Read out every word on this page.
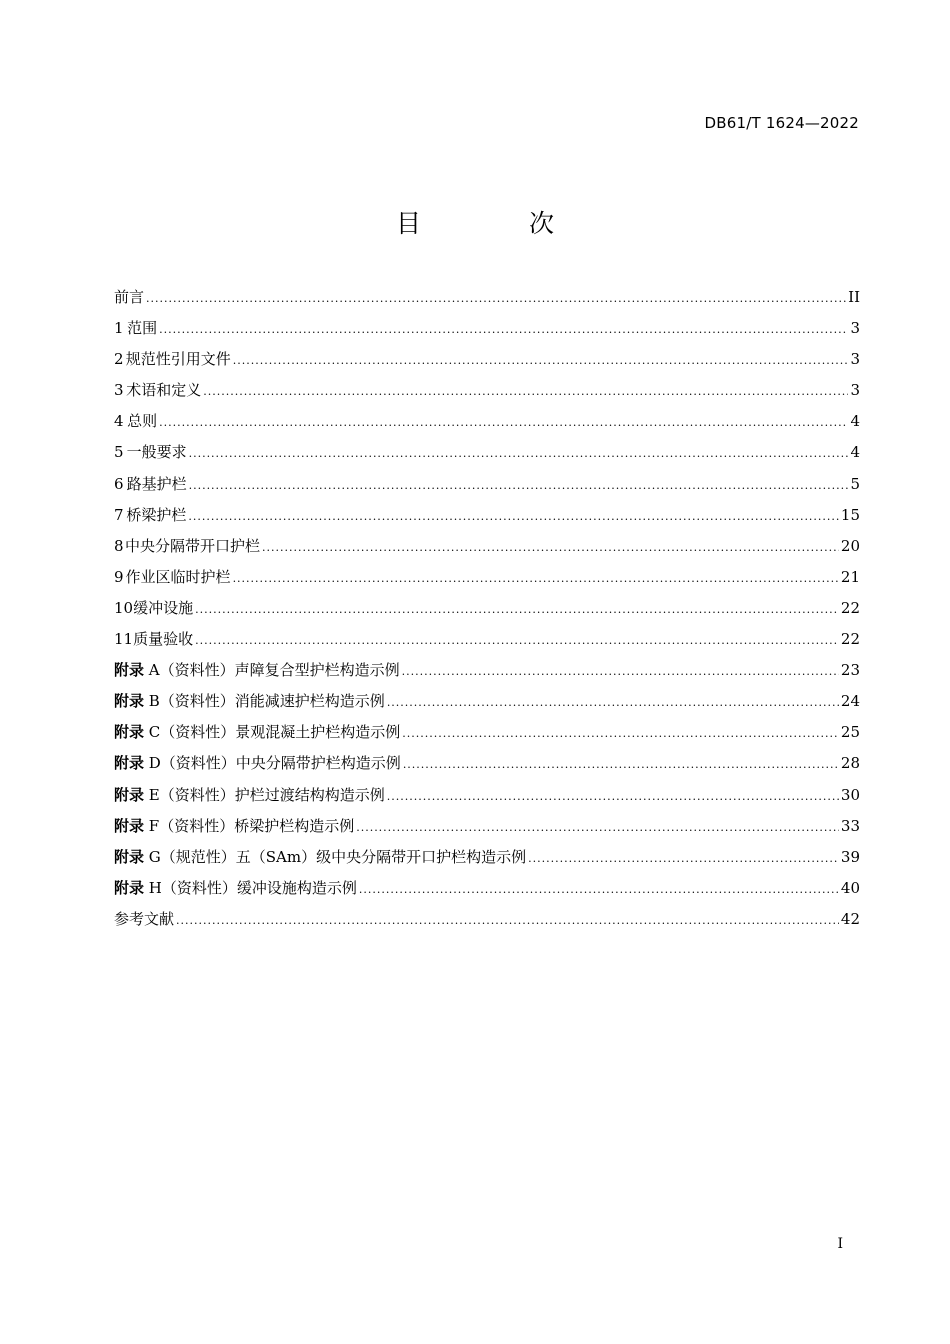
DB61/T 1624—2022
目 次
前言 .....	II
1 范围 .....	3
2 规范性引用文件 .....	3
3 术语和定义 .....	3
4 总则 .....	4
5 一般要求 .....	4
6 路基护栏 .....	5
7 桥梁护栏 .....	15
8 中央分隔带开口护栏 .....	20
9 作业区临时护栏 .....	21
10 缓冲设施 .....	22
11 质量验收 .....	22
附录 A（资料性）声障复合型护栏构造示例 .....	23
附录 B（资料性）消能减速护栏构造示例 .....	24
附录 C（资料性）景观混凝土护栏构造示例 .....	25
附录 D（资料性）中央分隔带护栏构造示例 .....	28
附录 E（资料性）护栏过渡结构构造示例 .....	30
附录 F（资料性）桥梁护栏构造示例 .....	33
附录 G（规范性）五（SAm）级中央分隔带开口护栏构造示例 .....	39
附录 H（资料性）缓冲设施构造示例 .....	40
参考文献 .....	42
I
